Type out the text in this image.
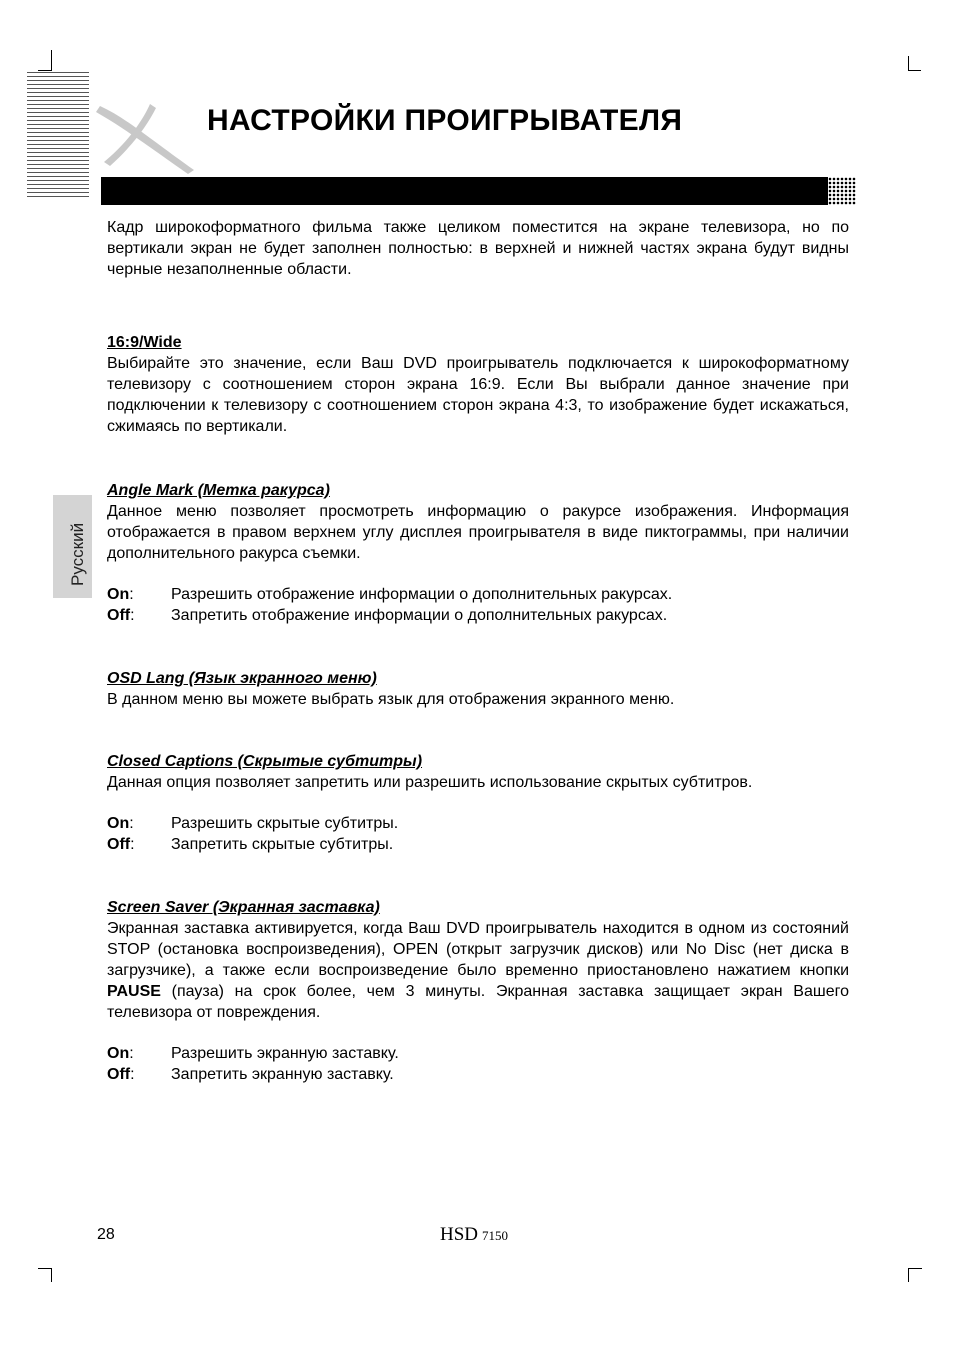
НАСТРОЙКИ ПРОИГРЫВАТЕЛЯ
Русский

Кадр широкоформатного фильма также целиком поместится на экране телевизора, но по вертикали экран не будет заполнен полностью: в верхней и нижней частях экрана будут видны черные незаполненные области.

16:9/Wide

Выбирайте это значение, если Ваш DVD проигрыватель подключается к широкоформатному телевизору с соотношением сторон экрана 16:9. Если Вы выбрали данное значение при подключении к телевизору с соотношением сторон экрана 4:3, то изображение будет искажаться, сжимаясь по вертикали.

Angle Mark (Метка ракурса)

Данное меню позволяет просмотреть информацию о ракурсе изображения. Информация отображается в правом верхнем углу дисплея проигрывателя в виде пиктограммы, при наличии дополнительного ракурса съемки.

On:	Разрешить отображение информации о дополнительных ракурсах.
Off:	Запретить отображение информации о дополнительных ракурсах.
OSD Lang (Язык экранного меню)

В данном меню вы можете выбрать язык для отображения экранного меню.

Closed Captions (Скрытые субтитры)

Данная опция позволяет запретить или разрешить использование скрытых субтитров.

On:	Разрешить скрытые субтитры.
Off:	Запретить скрытые субтитры.
Screen Saver (Экранная заставка)

Экранная заставка активируется, когда Ваш DVD проигрыватель находится в одном из состояний STOP (остановка воспроизведения), OPEN (открыт загрузчик дисков) или No Disc (нет диска в загрузчике), а также если воспроизведение было временно приостановлено нажатием кнопки PAUSE (пауза) на срок более, чем 3 минуты. Экранная заставка защищает экран Вашего телевизора от повреждения.

On:	Разрешить экранную заставку.
Off:	Запретить экранную заставку.
28	HSD 7150
